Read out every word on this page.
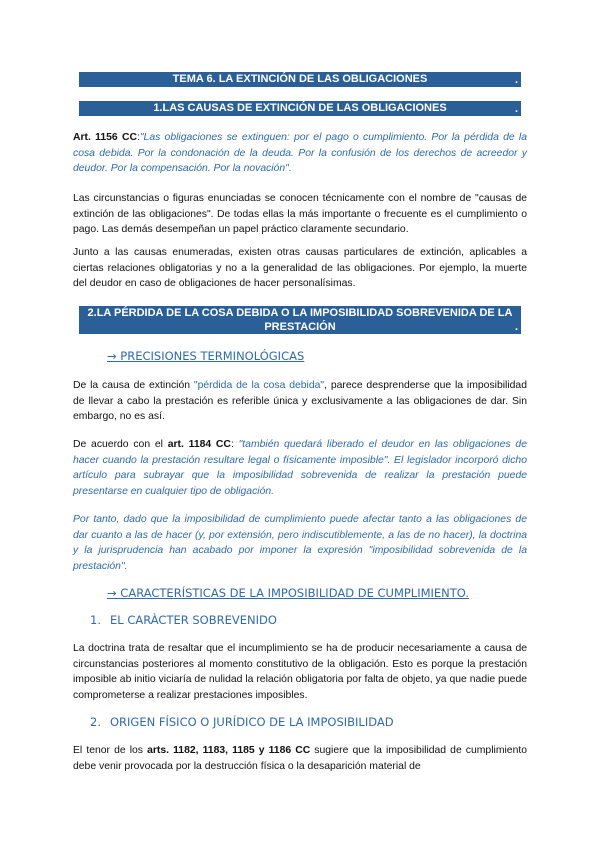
TEMA 6. LA EXTINCIÓN DE LAS OBLIGACIONES	.
1.LAS CAUSAS DE EXTINCIÓN DE LAS OBLIGACIONES	.

Art. 1156 CC:"Las obligaciones se extinguen: por el pago o cumplimiento. Por la pérdida de la cosa debida. Por la condonación de la deuda. Por la confusión de los derechos de acreedor y deudor. Por la compensación. Por la novación".

Las circunstancias o figuras enunciadas se conocen técnicamente con el nombre de "causas de extinción de las obligaciones". De todas ellas la más importante o frecuente es el cumplimiento o pago. Las demás desempeñan un papel práctico claramente secundario.

Junto a las causas enumeradas, existen otras causas particulares de extinción, aplicables a ciertas relaciones obligatorias y no a la generalidad de las obligaciones. Por ejemplo, la muerte del deudor en caso de obligaciones de hacer personalísimas.

2.LA PÉRDIDA DE LA COSA DEBIDA O LA IMPOSIBILIDAD SOBREVENIDA DE LA
PRESTACIÓN	.
→ PRECISIONES TERMINOLÓGICAS

De la causa de extinción "pérdida de la cosa debida", parece desprenderse que la imposibilidad de llevar a cabo la prestación es referible única y exclusivamente a las obligaciones de dar. Sin embargo, no es así.

De acuerdo con el art. 1184 CC: "también quedará liberado el deudor en las obligaciones de hacer cuando la prestación resultare legal o físicamente imposible". El legislador incorporó dicho artículo para subrayar que la imposibilidad sobrevenida de realizar la prestación puede presentarse en cualquier tipo de obligación.

Por tanto, dado que la imposibilidad de cumplimiento puede afectar tanto a las obligaciones de dar cuanto a las de hacer (y, por extensión, pero indiscutiblemente, a las de no hacer), la doctrina y la jurisprudencia han acabado por imponer la expresión "imposibilidad sobrevenida de la prestación".

→ CARACTERÍSTICAS DE LA IMPOSIBILIDAD DE CUMPLIMIENTO.
1. EL CARÀCTER SOBREVENIDO

La doctrina trata de resaltar que el incumplimiento se ha de producir necesariamente a causa de circunstancias posteriores al momento constitutivo de la obligación. Esto es porque la prestación imposible ab initio viciaría de nulidad la relación obligatoria por falta de objeto, ya que nadie puede comprometerse a realizar prestaciones imposibles.

2. ORIGEN FÍSICO O JURÍDICO DE LA IMPOSIBILIDAD

El tenor de los arts. 1182, 1183, 1185 y 1186 CC sugiere que la imposibilidad de cumplimiento debe venir provocada por la destrucción física o la desaparición material de
